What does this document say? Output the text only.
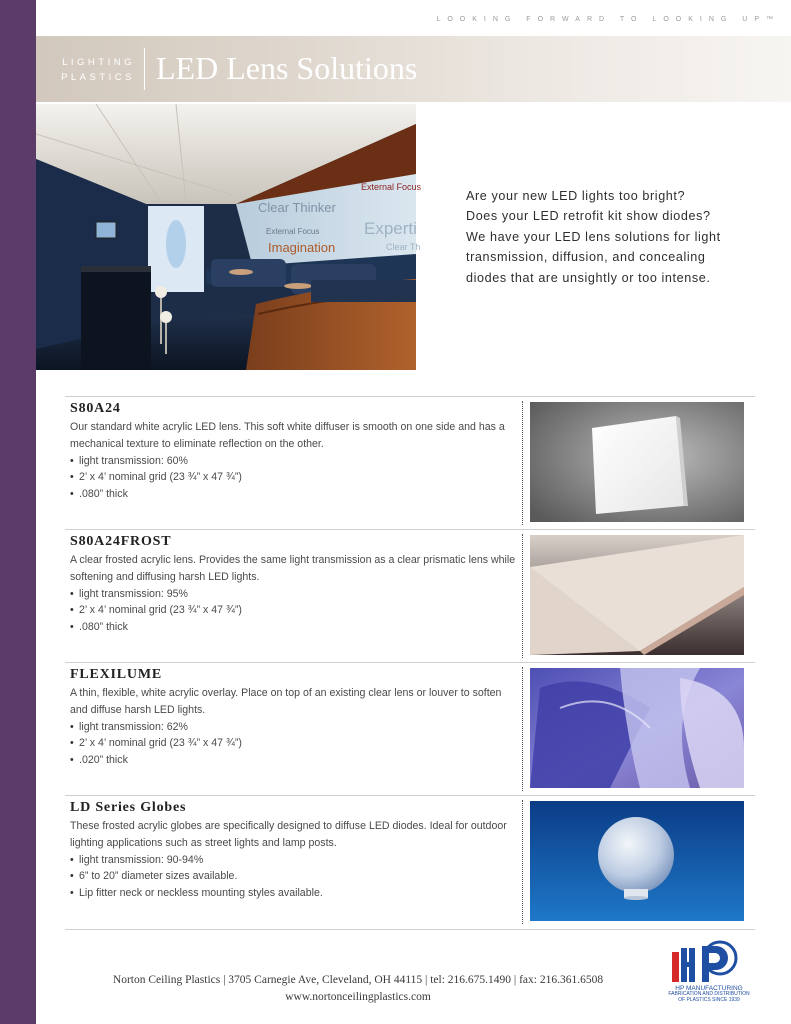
LOOKING FORWARD TO LOOKING UP™
LIGHTING
PLASTICS LED Lens Solutions
Clear Thinker
External Focus
External Focus
Imagination
Experti
Clear Th
Are your new LED lights too bright?
Does your LED retrofit kit show diodes?
We have your LED lens solutions for light
transmission, diffusion, and concealing
diodes that are unsightly or too intense.
S80A24
Our standard white acrylic LED lens. This soft white diffuser is smooth on one side and has a mechanical texture to eliminate reflection on the other.
• light transmission: 60%
• 2’ x 4’ nominal grid (23 ¾” x 47 ¾”)
• .080” thick
S80A24FROST
A clear frosted acrylic lens. Provides the same light transmission as a clear prismatic lens while softening and diffusing harsh LED lights.
• light transmission: 95%
• 2’ x 4’ nominal grid (23 ¾” x 47 ¾”)
• .080” thick
FLEXILUME
A thin, flexible, white acrylic overlay. Place on top of an existing clear lens or louver to soften and diffuse harsh LED lights.
• light transmission: 62%
• 2’ x 4’ nominal grid (23 ¾” x 47 ¾”)
• .020” thick
LD Series Globes
These frosted acrylic globes are specifically designed to diffuse LED diodes. Ideal for outdoor lighting applications such as street lights and lamp posts.
• light transmission: 90-94%
• 6” to 20” diameter sizes available.
• Lip fitter neck or neckless mounting styles available.
Norton Ceiling Plastics | 3705 Carnegie Ave, Cleveland, OH 44115 | tel: 216.675.1490 | fax: 216.361.6508
www.nortonceilingplastics.com
HP MANUFACTURING
FABRICATION AND DISTRIBUTION
OF PLASTICS SINCE 1939
